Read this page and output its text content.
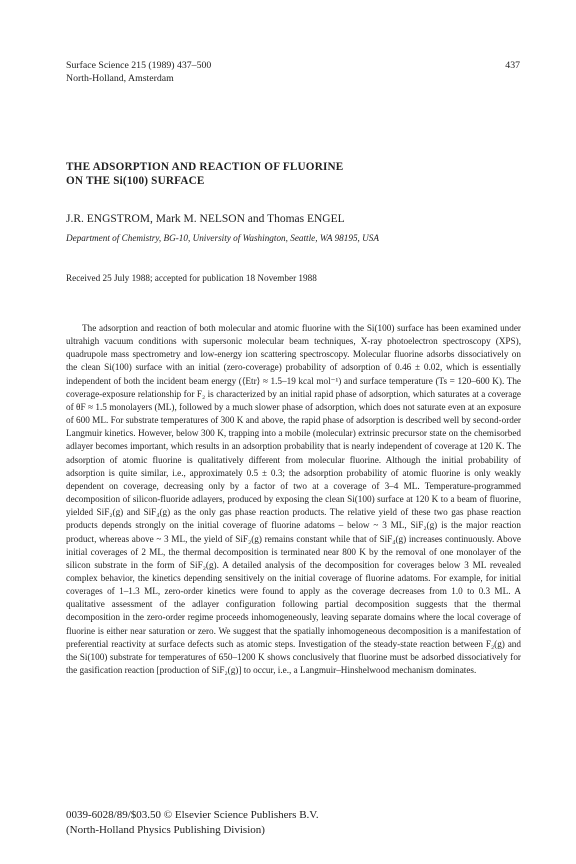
Surface Science 215 (1989) 437–500
North-Holland, Amsterdam
437
THE ADSORPTION AND REACTION OF FLUORINE
ON THE Si(100) SURFACE
J.R. ENGSTROM, Mark M. NELSON and Thomas ENGEL
Department of Chemistry, BG-10, University of Washington, Seattle, WA 98195, USA
Received 25 July 1988; accepted for publication 18 November 1988

The adsorption and reaction of both molecular and atomic fluorine with the Si(100) surface has been examined under ultrahigh vacuum conditions with supersonic molecular beam techniques, X-ray photoelectron spectroscopy (XPS), quadrupole mass spectrometry and low-energy ion scattering spectroscopy. Molecular fluorine adsorbs dissociatively on the clean Si(100) surface with an initial (zero-coverage) probability of adsorption of 0.46 ± 0.02, which is essentially independent of both the incident beam energy (⟨Etr⟩ ≈ 1.5–19 kcal mol⁻¹) and surface temperature (Ts = 120–600 K). The coverage-exposure relationship for F₂ is characterized by an initial rapid phase of adsorption, which saturates at a coverage of θF ≈ 1.5 monolayers (ML), followed by a much slower phase of adsorption, which does not saturate even at an exposure of 600 ML. For substrate temperatures of 300 K and above, the rapid phase of adsorption is described well by second-order Langmuir kinetics. However, below 300 K, trapping into a mobile (molecular) extrinsic precursor state on the chemisorbed adlayer becomes important, which results in an adsorption probability that is nearly independent of coverage at 120 K. The adsorption of atomic fluorine is qualitatively different from molecular fluorine. Although the initial probability of adsorption is quite similar, i.e., approximately 0.5 ± 0.3; the adsorption probability of atomic fluorine is only weakly dependent on coverage, decreasing only by a factor of two at a coverage of 3–4 ML. Temperature-programmed decomposition of silicon-fluoride adlayers, produced by exposing the clean Si(100) surface at 120 K to a beam of fluorine, yielded SiF₂(g) and SiF₄(g) as the only gas phase reaction products. The relative yield of these two gas phase reaction products depends strongly on the initial coverage of fluorine adatoms – below ~ 3 ML, SiF₂(g) is the major reaction product, whereas above ~ 3 ML, the yield of SiF₂(g) remains constant while that of SiF₄(g) increases continuously. Above initial coverages of 2 ML, the thermal decomposition is terminated near 800 K by the removal of one monolayer of the silicon substrate in the form of SiF₂(g). A detailed analysis of the decomposition for coverages below 3 ML revealed complex behavior, the kinetics depending sensitively on the initial coverage of fluorine adatoms. For example, for initial coverages of 1–1.3 ML, zero-order kinetics were found to apply as the coverage decreases from 1.0 to 0.3 ML. A qualitative assessment of the adlayer configuration following partial decomposition suggests that the thermal decomposition in the zero-order regime proceeds inhomogeneously, leaving separate domains where the local coverage of fluorine is either near saturation or zero. We suggest that the spatially inhomogeneous decomposition is a manifestation of preferential reactivity at surface defects such as atomic steps. Investigation of the steady-state reaction between F₂(g) and the Si(100) substrate for temperatures of 650–1200 K shows conclusively that fluorine must be adsorbed dissociatively for the gasification reaction [production of SiF₂(g)] to occur, i.e., a Langmuir–Hinshelwood mechanism dominates.

0039-6028/89/$03.50 © Elsevier Science Publishers B.V.
(North-Holland Physics Publishing Division)
